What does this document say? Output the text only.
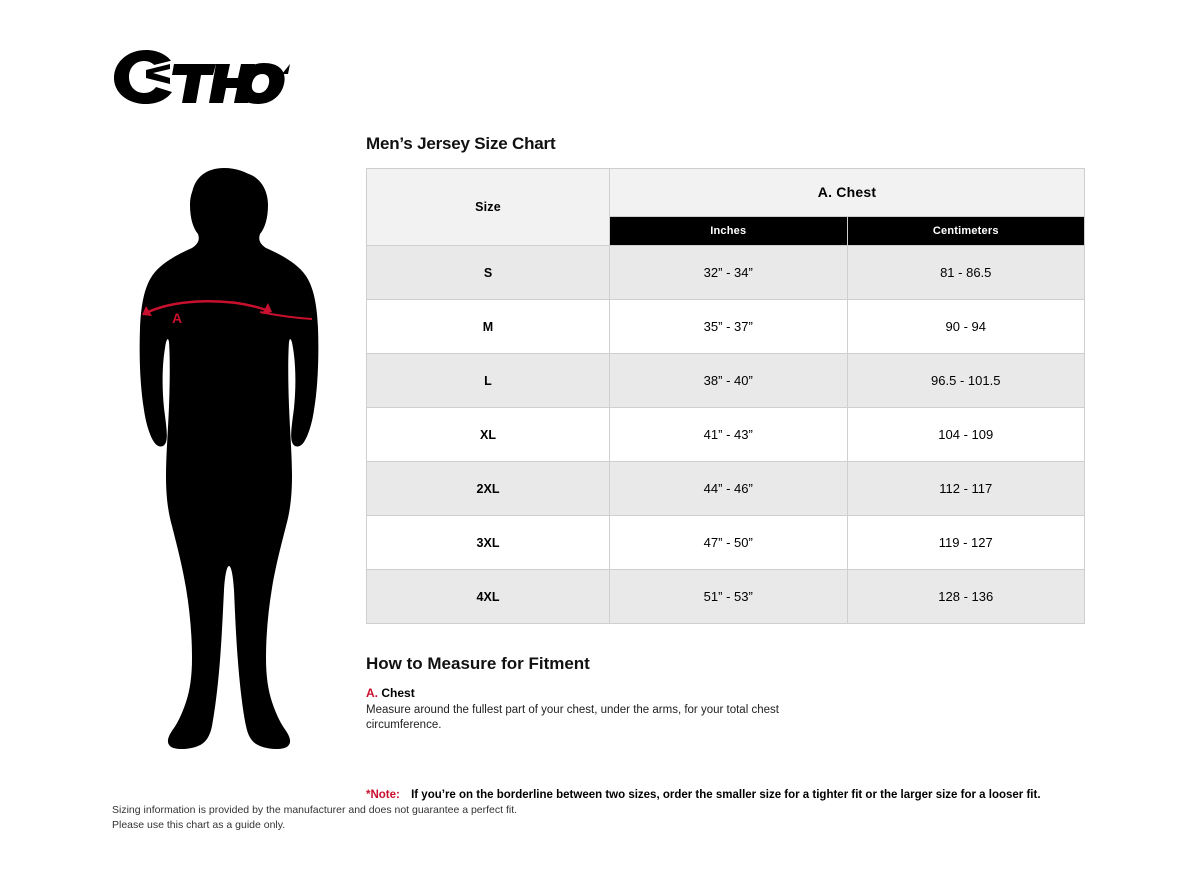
A
Men’s Jersey Size Chart
Size	A. Chest	
	Inches	Centimeters
S	32” - 34”	81 - 86.5
M	35” - 37”	90 - 94
L	38” - 40”	96.5 - 101.5
XL	41” - 43”	104 - 109
2XL	44” - 46”	112 - 117
3XL	47” - 50”	119 - 127
4XL	51” - 53”	128 - 136
How to Measure for Fitment
A. Chest
Measure around the fullest part of your chest, under the arms, for your total chest circumference.
*Note: If you’re on the borderline between two sizes, order the smaller size for a tighter fit or the larger size for a looser fit.
Sizing information is provided by the manufacturer and does not guarantee a perfect fit.
Please use this chart as a guide only.
